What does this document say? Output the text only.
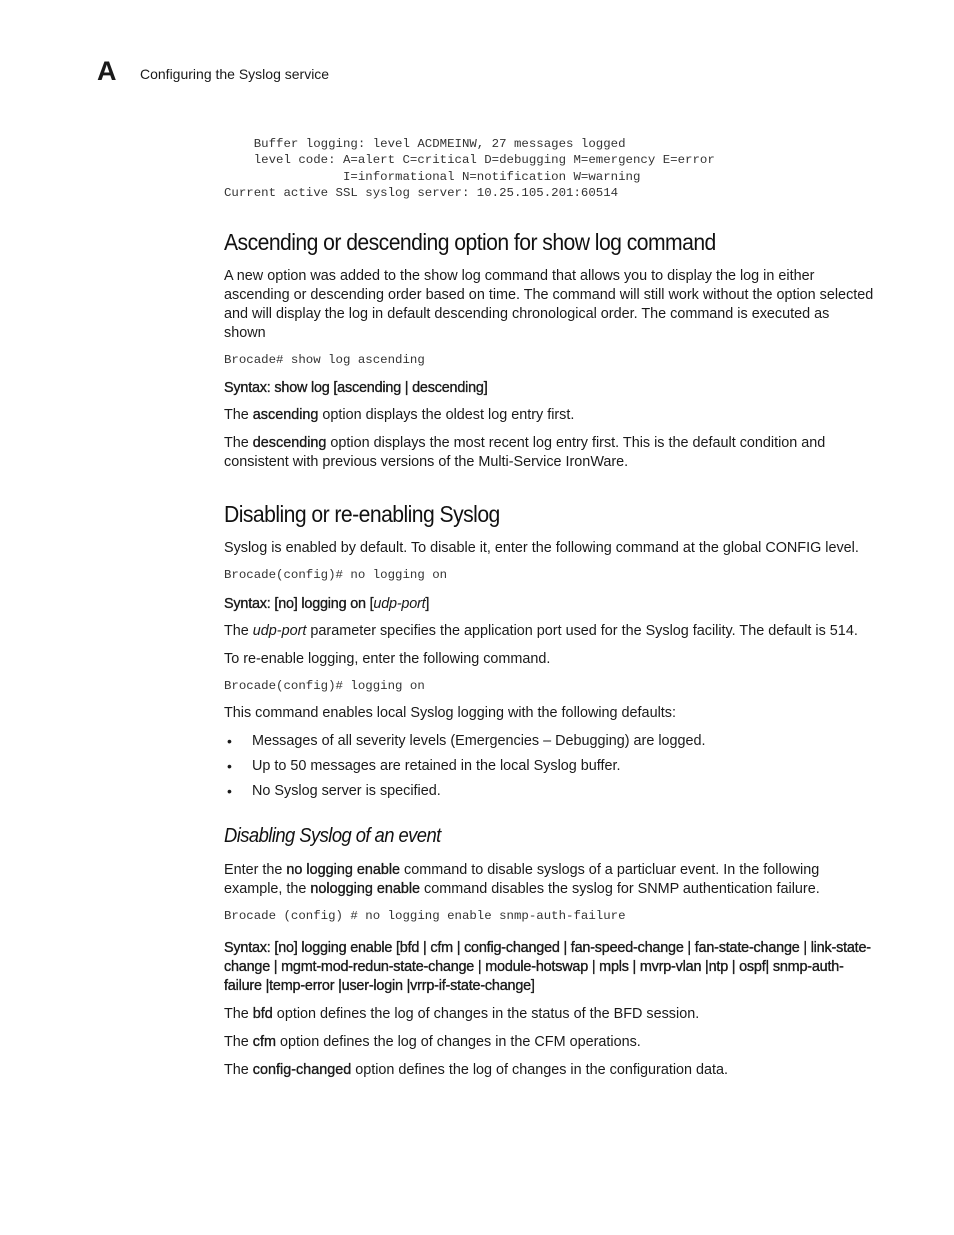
A Configuring the Syslog service
Buffer logging: level ACDMEINW, 27 messages logged
level code: A=alert C=critical D=debugging M=emergency E=error
I=informational N=notification W=warning
Current active SSL syslog server: 10.25.105.201:60514
Ascending or descending option for show log command

A new option was added to the show log command that allows you to display the log in either ascending or descending order based on time. The command will still work without the option selected and will display the log in default descending chronological order. The command is executed as shown

Brocade# show log ascending

Syntax: show log [ascending | descending]

The ascending option displays the oldest log entry first.

The descending option displays the most recent log entry first. This is the default condition and consistent with previous versions of the Multi-Service IronWare.

Disabling or re-enabling Syslog

Syslog is enabled by default. To disable it, enter the following command at the global CONFIG level.

Brocade(config)# no logging on

Syntax: [no] logging on [udp-port]

The udp-port parameter specifies the application port used for the Syslog facility. The default is 514.

To re-enable logging, enter the following command.

Brocade(config)# logging on

This command enables local Syslog logging with the following defaults:

• Messages of all severity levels (Emergencies – Debugging) are logged.
• Up to 50 messages are retained in the local Syslog buffer.
• No Syslog server is specified.
Disabling Syslog of an event

Enter the no logging enable command to disable syslogs of a particluar event. In the following example, the nologging enable command disables the syslog for SNMP authentication failure.

Brocade (config) # no logging enable snmp-auth-failure

Syntax: [no] logging enable [bfd | cfm | config-changed | fan-speed-change | fan-state-change | link-state-change | mgmt-mod-redun-state-change | module-hotswap | mpls | mvrp-vlan |ntp | ospf| snmp-auth-failure |temp-error |user-login |vrrp-if-state-change]

The bfd option defines the log of changes in the status of the BFD session.

The cfm option defines the log of changes in the CFM operations.

The config-changed option defines the log of changes in the configuration data.
